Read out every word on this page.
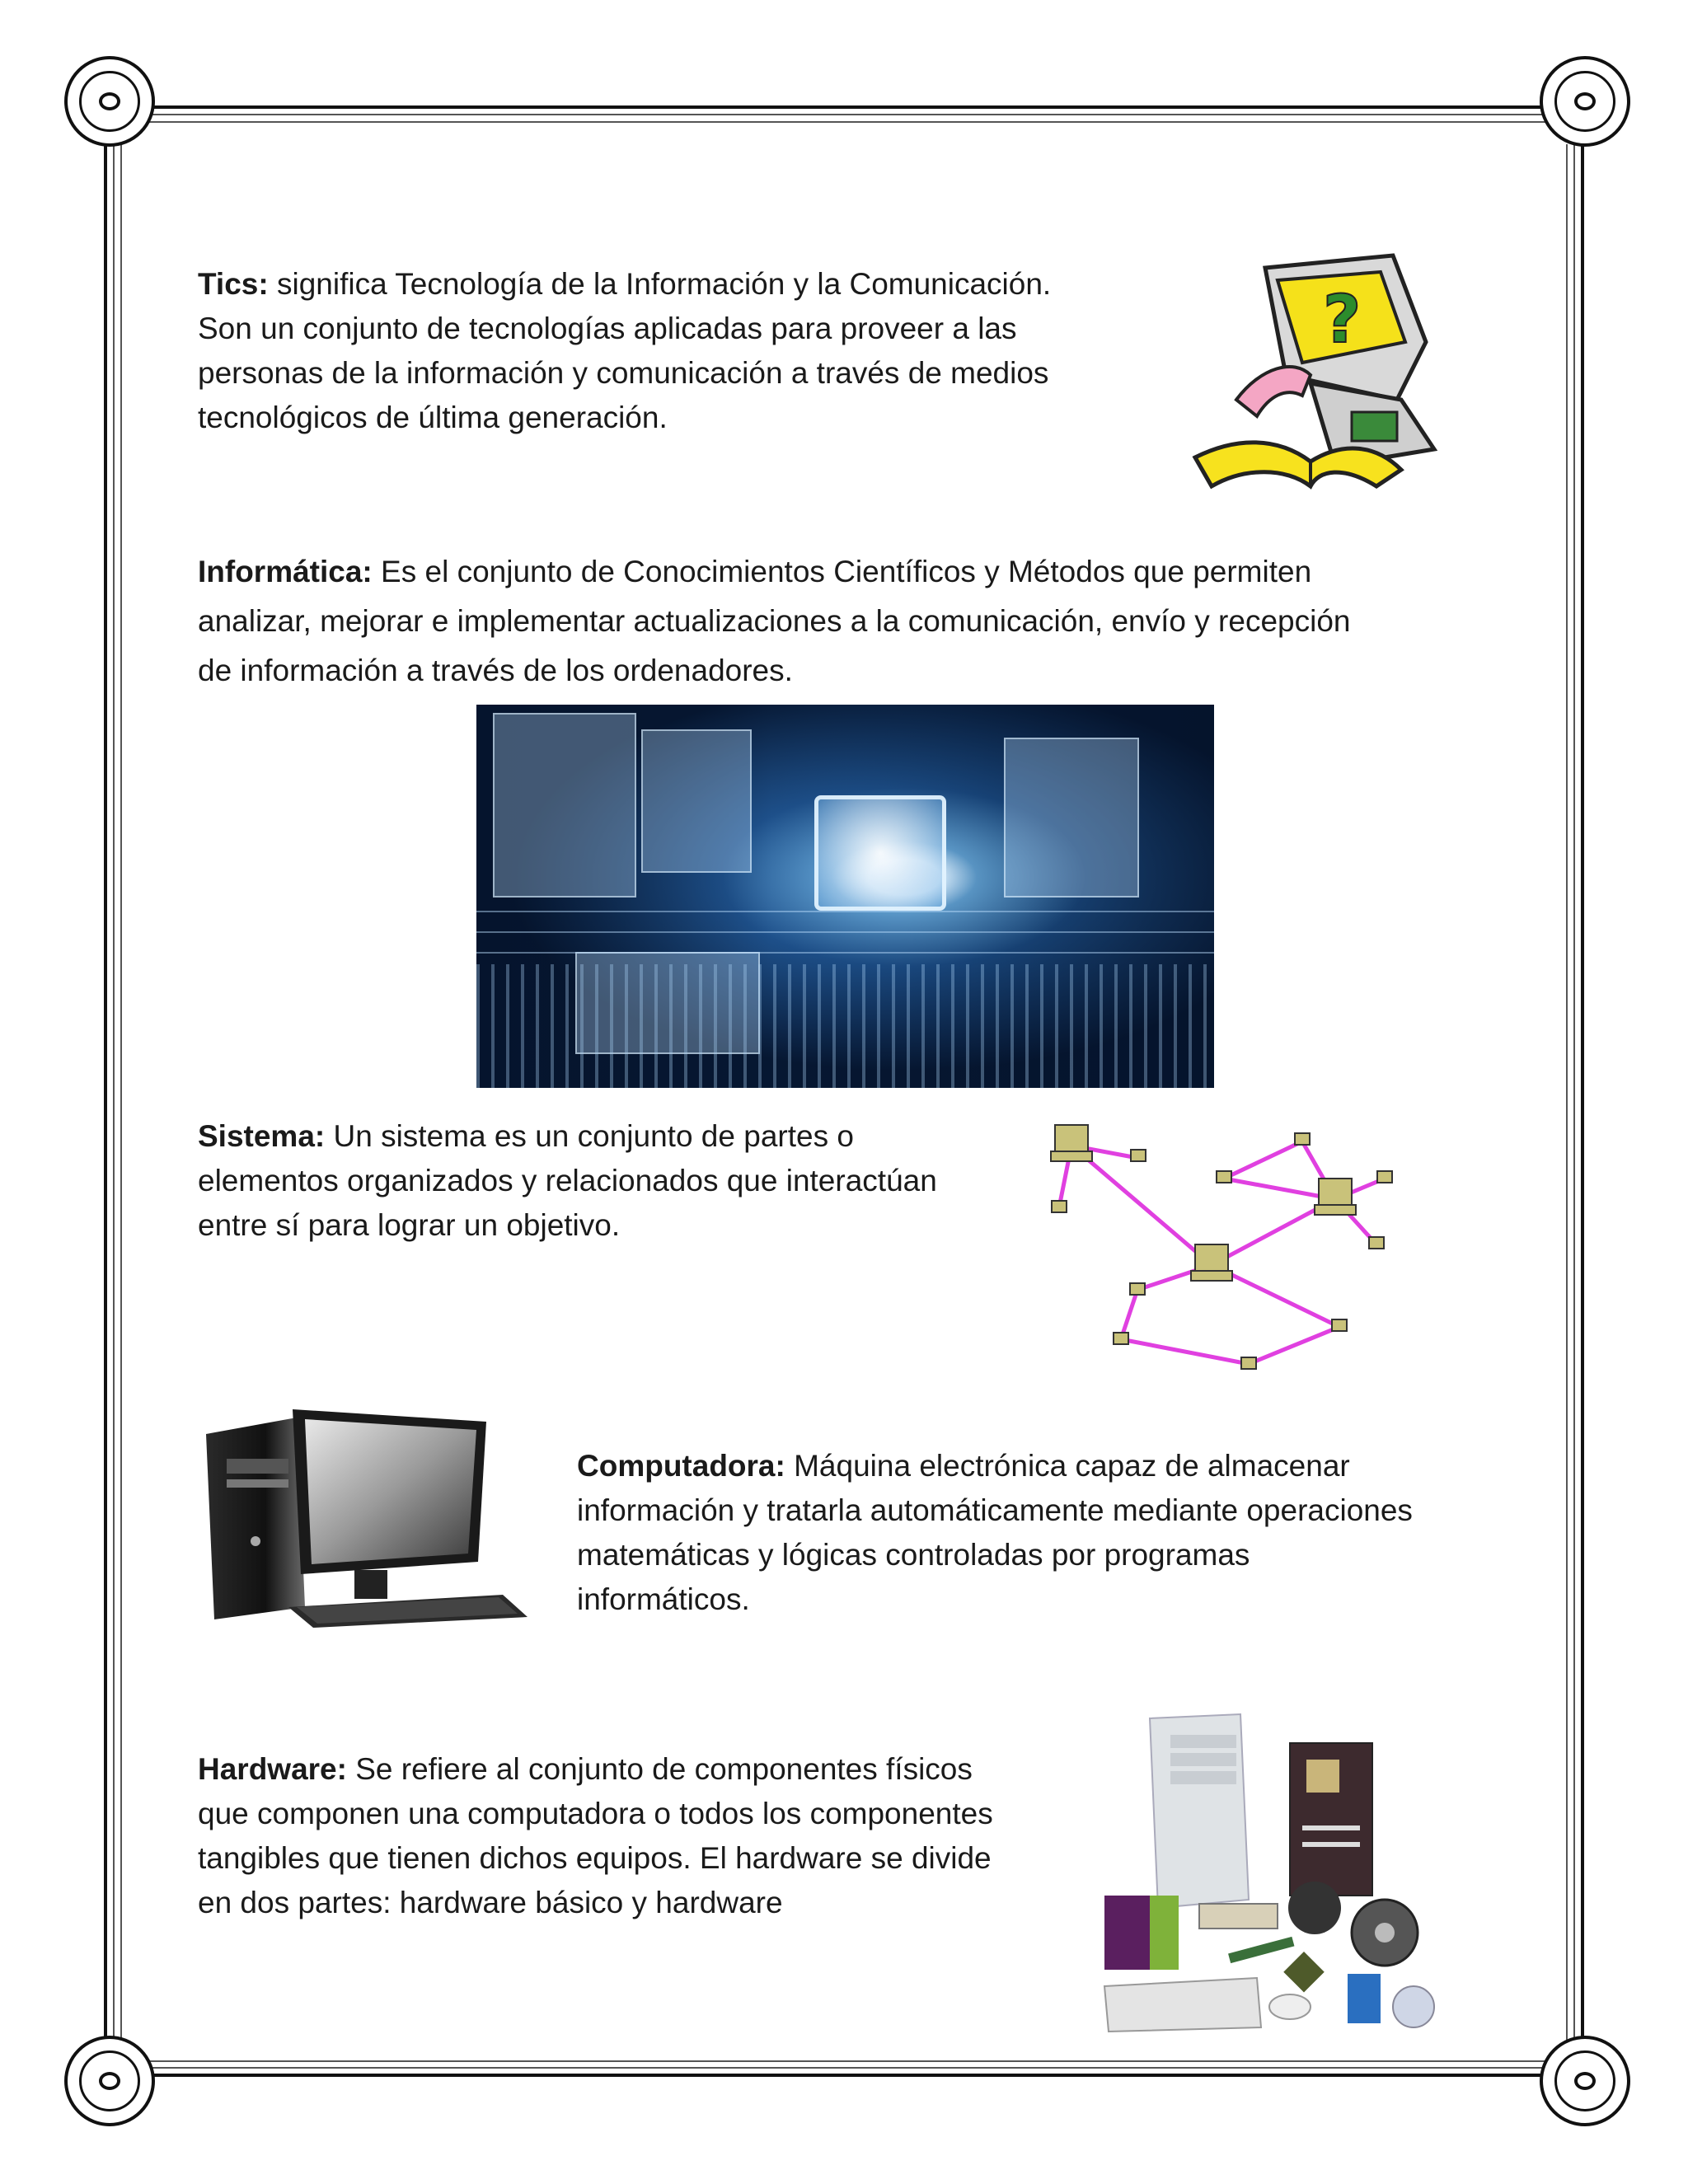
Tics: significa Tecnología de la Información y la Comunicación.
Son un conjunto de tecnologías aplicadas para proveer a las
personas de la información y comunicación a través de medios
tecnológicos de última generación.

?

Informática: Es el conjunto de Conocimientos Científicos y Métodos que permiten
analizar, mejorar e implementar actualizaciones a la comunicación, envío y recepción
de información a través de los ordenadores.

Sistema: Un sistema es un conjunto de partes o
elementos organizados y relacionados que interactúan
entre sí para lograr un objetivo.

Computadora: Máquina electrónica capaz de almacenar
información y tratarla automáticamente mediante operaciones
matemáticas y lógicas controladas por programas
informáticos.

Hardware: Se refiere al conjunto de componentes físicos
que componen una computadora o todos los componentes
tangibles que tienen dichos equipos. El hardware se divide
en dos partes: hardware básico y hardware
